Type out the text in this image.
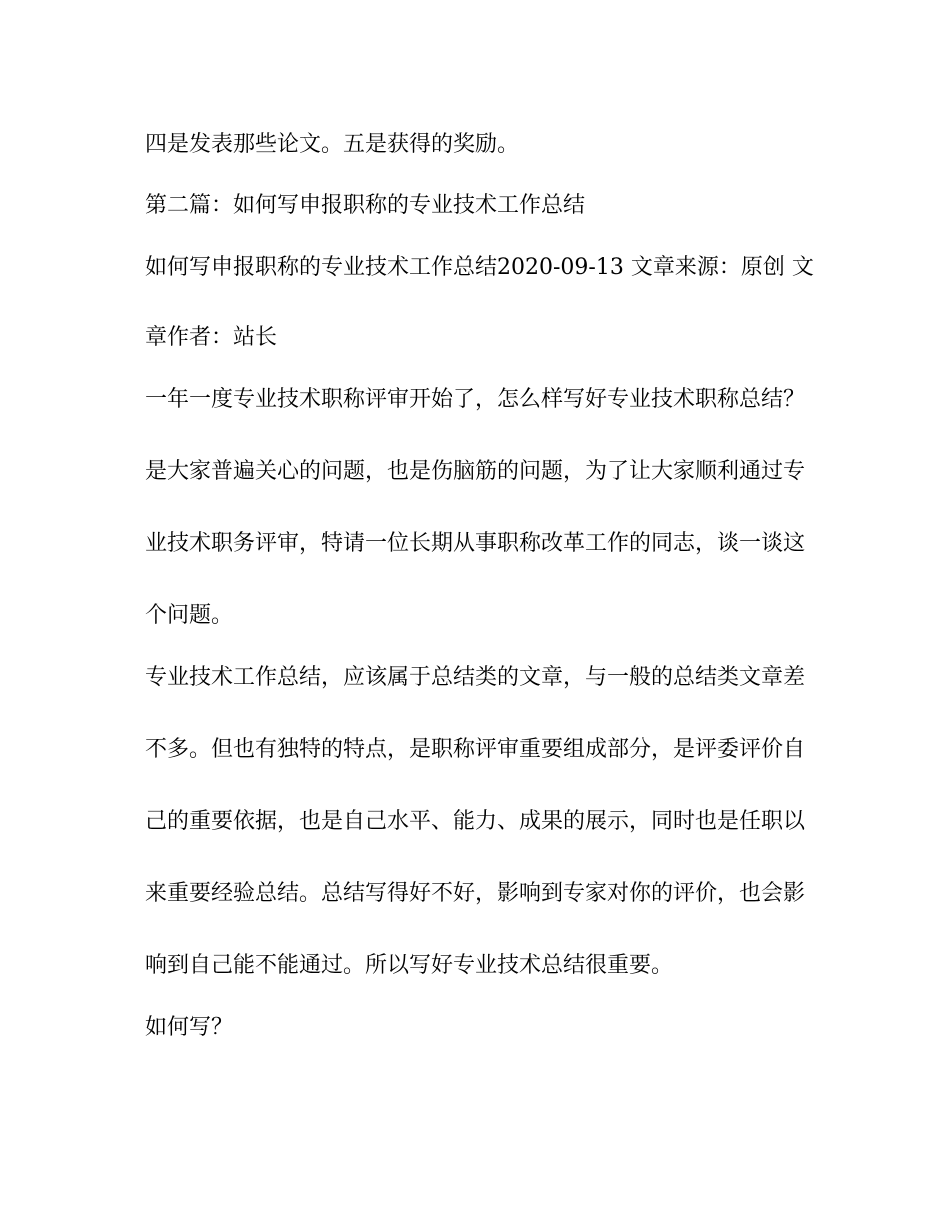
四是发表那些论文。五是获得的奖励。

第二篇：如何写申报职称的专业技术工作总结

如何写申报职称的专业技术工作总结2020-09-13 文章来源：原创 文

章作者：站长

一年一度专业技术职称评审开始了，怎么样写好专业技术职称总结？

是大家普遍关心的问题，也是伤脑筋的问题，为了让大家顺利通过专

业技术职务评审，特请一位长期从事职称改革工作的同志，谈一谈这

个问题。

专业技术工作总结，应该属于总结类的文章，与一般的总结类文章差

不多。但也有独特的特点，是职称评审重要组成部分，是评委评价自

己的重要依据，也是自己水平、能力、成果的展示，同时也是任职以

来重要经验总结。总结写得好不好，影响到专家对你的评价，也会影

响到自己能不能通过。所以写好专业技术总结很重要。

如何写？
